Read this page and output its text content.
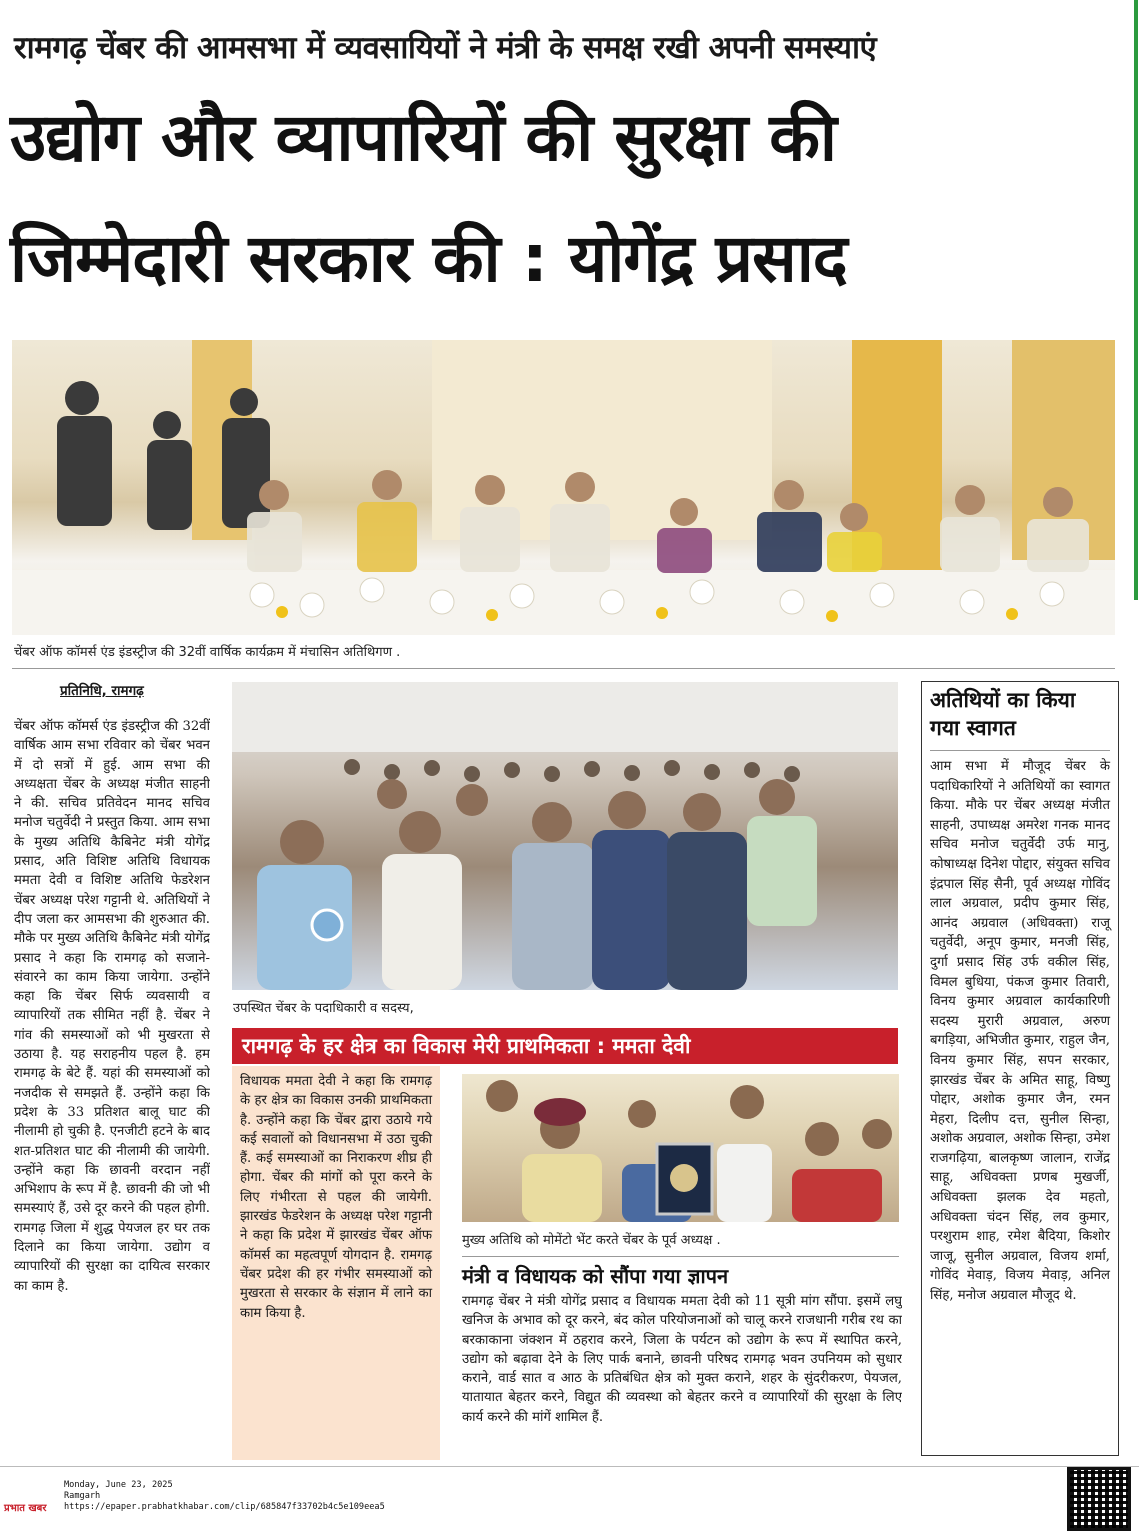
रामगढ़ चेंबर की आमसभा में व्यवसायियों ने मंत्री के समक्ष रखी अपनी समस्याएं
उद्योग और व्यापारियों की सुरक्षा की
जिम्मेदारी सरकार की : योगेंद्र प्रसाद
चेंबर ऑफ कॉमर्स एंड इंडस्ट्रीज की 32वीं वार्षिक कार्यक्रम में मंचासिन अतिथिगण .
प्रतिनिधि, रामगढ़
चेंबर ऑफ कॉमर्स एंड इंडस्ट्रीज की 32वीं वार्षिक आम सभा रविवार को चेंबर भवन में दो सत्रों में हुई. आम सभा की अध्यक्षता चेंबर के अध्यक्ष मंजीत साहनी ने की. सचिव प्रतिवेदन मानद सचिव मनोज चतुर्वेदी ने प्रस्तुत किया. आम सभा के मुख्य अतिथि कैबिनेट मंत्री योगेंद्र प्रसाद, अति विशिष्ट अतिथि विधायक ममता देवी व विशिष्ट अतिथि फेडरेशन चेंबर अध्यक्ष परेश गट्टानी थे. अतिथियों ने दीप जला कर आमसभा की शुरुआत की. मौके पर मुख्य अतिथि कैबिनेट मंत्री योगेंद्र प्रसाद ने कहा कि रामगढ़ को सजाने-संवारने का काम किया जायेगा. उन्होंने कहा कि चेंबर सिर्फ व्यवसायी व व्यापारियों तक सीमित नहीं है. चेंबर ने गांव की समस्याओं को भी मुखरता से उठाया है. यह सराहनीय पहल है. हम रामगढ़ के बेटे हैं. यहां की समस्याओं को नजदीक से समझते हैं. उन्होंने कहा कि प्रदेश के 33 प्रतिशत बालू घाट की नीलामी हो चुकी है. एनजीटी हटने के बाद शत-प्रतिशत घाट की नीलामी की जायेगी. उन्होंने कहा कि छावनी वरदान नहीं अभिशाप के रूप में है. छावनी की जो भी समस्याएं हैं, उसे दूर करने की पहल होगी. रामगढ़ जिला में शुद्ध पेयजल हर घर तक दिलाने का किया जायेगा. उद्योग व व्यापारियों की सुरक्षा का दायित्व सरकार का काम है.
उपस्थित चेंबर के पदाधिकारी व सदस्य,
रामगढ़ के हर क्षेत्र का विकास मेरी प्राथमिकता : ममता देवी
विधायक ममता देवी ने कहा कि रामगढ़ के हर क्षेत्र का विकास उनकी प्राथमिकता है. उन्होंने कहा कि चेंबर द्वारा उठाये गये कई सवालों को विधानसभा में उठा चुकी हैं. कई समस्याओं का निराकरण शीघ्र ही होगा. चेंबर की मांगों को पूरा करने के लिए गंभीरता से पहल की जायेगी. झारखंड फेडरेशन के अध्यक्ष परेश गट्टानी ने कहा कि प्रदेश में झारखंड चेंबर ऑफ कॉमर्स का महत्वपूर्ण योगदान है. रामगढ़ चेंबर प्रदेश की हर गंभीर समस्याओं को मुखरता से सरकार के संज्ञान में लाने का काम किया है.
मुख्य अतिथि को मोमेंटो भेंट करते चेंबर के पूर्व अध्यक्ष .
मंत्री व विधायक को सौंपा गया ज्ञापन
रामगढ़ चेंबर ने मंत्री योगेंद्र प्रसाद व विधायक ममता देवी को 11 सूत्री मांग सौंपा. इसमें लघु खनिज के अभाव को दूर करने, बंद कोल परियोजनाओं को चालू करने राजधानी गरीब रथ का बरकाकाना जंक्शन में ठहराव करने, जिला के पर्यटन को उद्योग के रूप में स्थापित करने, उद्योग को बढ़ावा देने के लिए पार्क बनाने, छावनी परिषद रामगढ़ भवन उपनियम को सुधार कराने, वार्ड सात व आठ के प्रतिबंधित क्षेत्र को मुक्त कराने, शहर के सुंदरीकरण, पेयजल, यातायात बेहतर करने, विद्युत की व्यवस्था को बेहतर करने व व्यापारियों की सुरक्षा के लिए कार्य करने की मांगें शामिल हैं.
अतिथियों का किया गया स्वागत
आम सभा में मौजूद चेंबर के पदाधिकारियों ने अतिथियों का स्वागत किया. मौके पर चेंबर अध्यक्ष मंजीत साहनी, उपाध्यक्ष अमरेश गनक मानद सचिव मनोज चतुर्वेदी उर्फ मानु, कोषाध्यक्ष दिनेश पोद्दार, संयुक्त सचिव इंद्रपाल सिंह सैनी, पूर्व अध्यक्ष गोविंद लाल अग्रवाल, प्रदीप कुमार सिंह, आनंद अग्रवाल (अधिवक्ता) राजू चतुर्वेदी, अनूप कुमार, मनजी सिंह, दुर्गा प्रसाद सिंह उर्फ वकील सिंह, विमल बुधिया, पंकज कुमार तिवारी, विनय कुमार अग्रवाल कार्यकारिणी सदस्य मुरारी अग्रवाल, अरुण बगड़िया, अभिजीत कुमार, राहुल जैन, विनय कुमार सिंह, सपन सरकार, झारखंड चेंबर के अमित साहू, विष्णु पोद्दार, अशोक कुमार जैन, रमन मेहरा, दिलीप दत्त, सुनील सिन्हा, अशोक अग्रवाल, अशोक सिन्हा, उमेश राजगढ़िया, बालकृष्ण जालान, राजेंद्र साहू, अधिवक्ता प्रणब मुखर्जी, अधिवक्ता झलक देव महतो, अधिवक्ता चंदन सिंह, लव कुमार, परशुराम शाह, रमेश बैदिया, किशोर जाजू, सुनील अग्रवाल, विजय शर्मा, गोविंद मेवाड़, विजय मेवाड़, अनिल सिंह, मनोज अग्रवाल मौजूद थे.
प्रभात खबर
Monday, June 23, 2025
Ramgarh
https://epaper.prabhatkhabar.com/clip/685847f33702b4c5e109eea5
